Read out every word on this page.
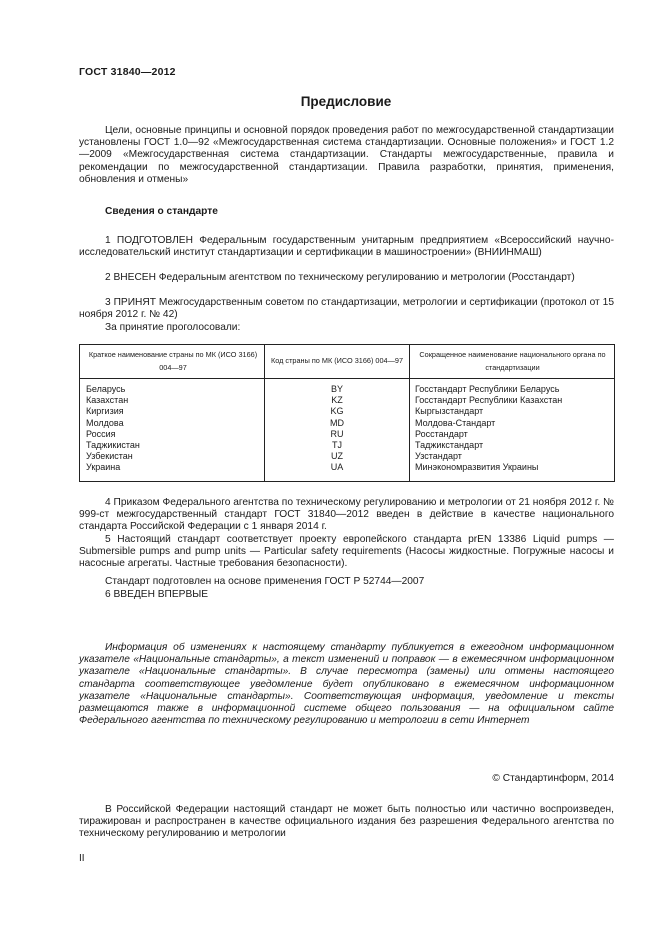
ГОСТ 31840—2012
Предисловие

Цели, основные принципы и основной порядок проведения работ по межгосударственной стандартизации установлены ГОСТ 1.0—92 «Межгосударственная система стандартизации. Основные положения» и ГОСТ 1.2—2009 «Межгосударственная система стандартизации. Стандарты межгосударственные, правила и рекомендации по межгосударственной стандартизации. Правила разработки, принятия, применения, обновления и отмены»

Сведения о стандарте

1 ПОДГОТОВЛЕН Федеральным государственным унитарным предприятием «Всероссийский научно-исследовательский институт стандартизации и сертификации в машиностроении» (ВНИИНМАШ)

2 ВНЕСЕН Федеральным агентством по техническому регулированию и метрологии (Росстандарт)

3 ПРИНЯТ Межгосударственным советом по стандартизации, метрологии и сертификации (протокол от 15 ноября 2012 г. № 42)

За принятие проголосовали:

Краткое наименование страны по МК (ИСО 3166) 004—97	Код страны по МК (ИСО 3166) 004—97	Сокращенное наименование национального органа по стандартизации
Беларусь	BY	Госстандарт Республики Беларусь
Казахстан	KZ	Госстандарт Республики Казахстан
Киргизия	KG	Кыргызстандарт
Молдова	MD	Молдова-Стандарт
Россия	RU	Росстандарт
Таджикистан	TJ	Таджикстандарт
Узбекистан	UZ	Узстандарт
Украина	UA	Минэкономразвития Украины

4 Приказом Федерального агентства по техническому регулированию и метрологии от 21 ноября 2012 г. № 999-ст межгосударственный стандарт ГОСТ 31840—2012 введен в действие в качестве национального стандарта Российской Федерации с 1 января 2014 г.

5 Настоящий стандарт соответствует проекту европейского стандарта prEN 13386 Liquid pumps — Submersible pumps and pump units — Particular safety requirements (Насосы жидкостные. Погружные насосы и насосные агрегаты. Частные требования безопасности).

Стандарт подготовлен на основе применения ГОСТ Р 52744—2007

6 ВВЕДЕН ВПЕРВЫЕ

Информация об изменениях к настоящему стандарту публикуется в ежегодном информационном указателе «Национальные стандарты», а текст изменений и поправок — в ежемесячном информационном указателе «Национальные стандарты». В случае пересмотра (замены) или отмены настоящего стандарта соответствующее уведомление будет опубликовано в ежемесячном информационном указателе «Национальные стандарты». Соответствующая информация, уведомление и тексты размещаются также в информационной системе общего пользования — на официальном сайте Федерального агентства по техническому регулированию и метрологии в сети Интернет

© Стандартинформ, 2014

В Российской Федерации настоящий стандарт не может быть полностью или частично воспроизведен, тиражирован и распространен в качестве официального издания без разрешения Федерального агентства по техническому регулированию и метрологии

II
